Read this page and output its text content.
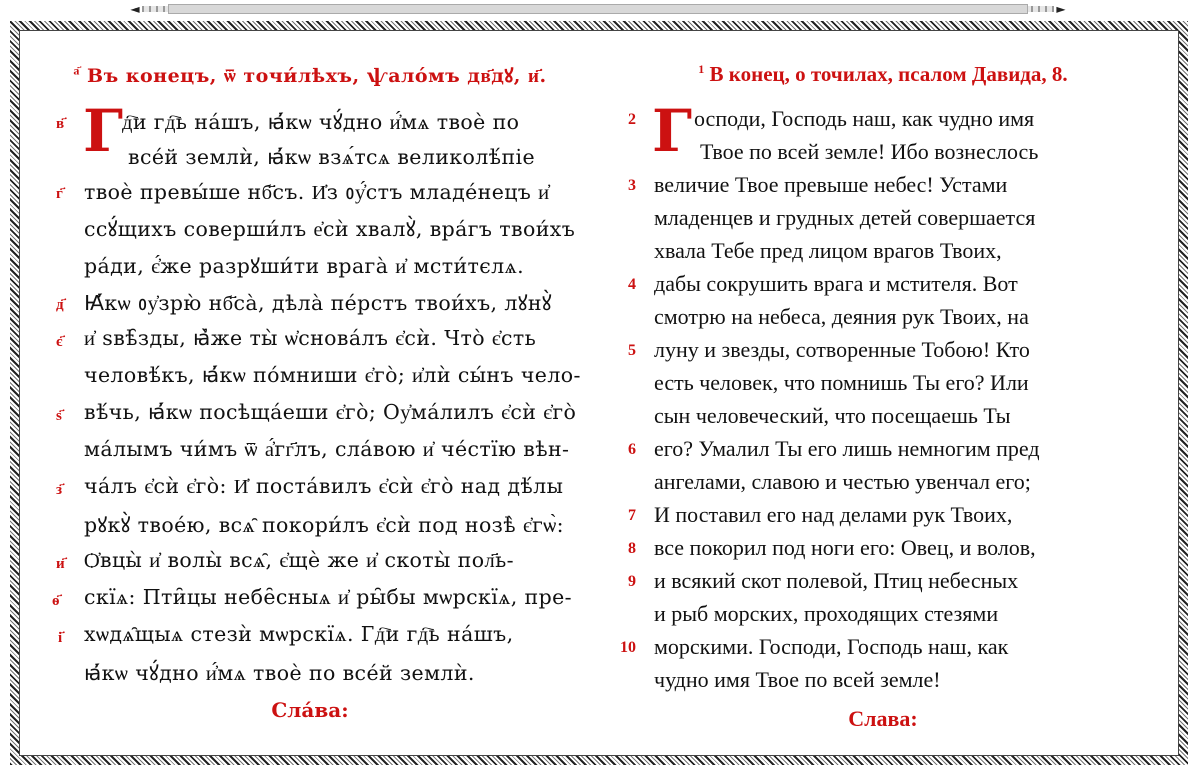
◄	►
$^{а҃}$ Въ конецъ, ѿ точи́лѣхъ, ѱало́мъ дв҃дꙋ, и҃.
Г
д҇и гд҇ь на́шъ, ꙗ҆́кѡ чꙋ́дно и҆́мѧ твоѐ по
все́й землѝ, ꙗ҆́кѡ взѧ́тсѧ великолѣ́піе
твоѐ превы́ше нб҃съ. И҆з ᲂу҆́стъ младе́нецъ и҆
ссꙋ́щихъ соверши́лъ е҆сѝ хвалꙋ̀, вра́гъ твои́хъ
ра́ди, є҆́же разрꙋши́ти врага̀ и҆ мсти́тєлѧ.
Ꙗ҆́кѡ ᲂу҆зрю̀ нб҃са̀, дѣла̀ пе́рстъ твои́хъ, лꙋнꙋ̀
и҆ ѕвѣ̑зды, ꙗ҆̀же ты̀ ѡ҆снова́лъ є҆сѝ. Что̀ є҆сть
человѣ́къ, ꙗ҆́кѡ по́мниши є҆го̀; и҆лѝ сы́нъ чело-
вѣ́чь, ꙗ҆́кѡ посѣща́еши є҆го̀; Оу҆ма́лилъ є҆сѝ є҆го̀
ма́лымъ чи́мъ ѿ а҆́гг҃лъ, сла́вою и҆ че́стїю вѣн-
ча́лъ є҆сѝ є҆го̀: И҆ поста́вилъ є҆сѝ є҆го̀ над дѣ́лы
рꙋкꙋ̀ твое́ю, всѧ̑ покори́лъ є҆сѝ под нозѣ̀ є҆гѡ̀:
Ѻ҆вцы̀ и҆ волы̀ всѧ̑, є҆щѐ же и҆ скоты̀ пол҃ь-
скїѧ: Пти̑цы небе̑сныѧ и҆ ры̑бы мѡрскїѧ, пре-
хѡдѧ̑щыѧ стезѝ мѡрскїѧ. Гд҇и гд҇ь на́шъ,
ꙗ҆́кѡ чꙋ́дно и҆́мѧ твоѐ по все́й землѝ.
в҃
г҃
д҃
є҃
ѕ҃
з҃
и҃
ѳ҃
і҃
Сла́ва:
$^1$ В конец, о точилах, псалом Давида, 8.
Г осподи, Господь наш, как чудно имя
Твое по всей земле! Ибо вознеслось
величие Твое превыше небес! Устами
младенцев и грудных детей совершается
хвала Тебе пред лицом врагов Твоих,
дабы сокрушить врага и мстителя. Вот
смотрю на небеса, деяния рук Твоих, на
луну и звезды, сотворенные Тобою! Кто
есть человек, что помнишь Ты его? Или
сын человеческий, что посещаешь Ты
его? Умалил Ты его лишь немногим пред
ангелами, славою и честью увенчал его;
И поставил его над делами рук Твоих,
все покорил под ноги его: Овец, и волов,
и всякий скот полевой, Птиц небесных
и рыб морских, проходящих стезями
морскими. Господи, Господь наш, как
чудно имя Твое по всей земле!
2
3
4
5
6
7
8
9
10
Слава:
